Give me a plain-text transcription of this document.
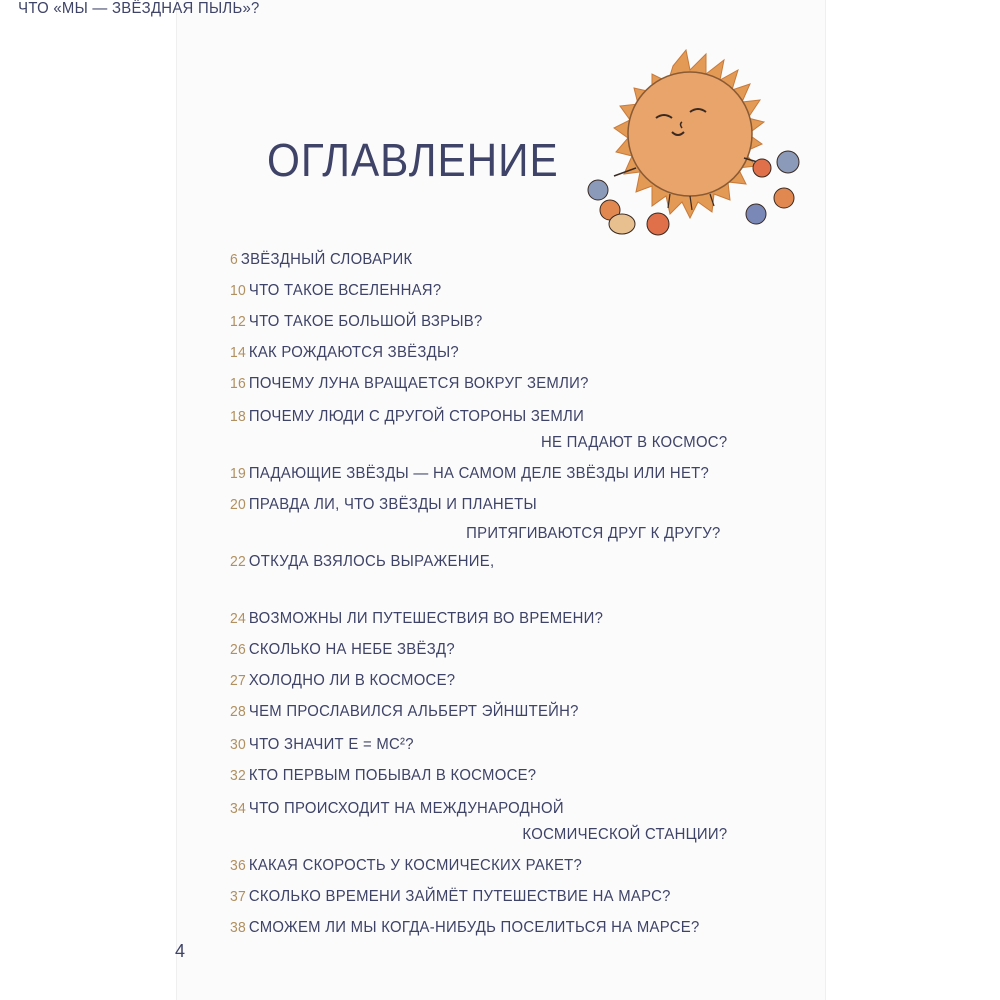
ОГЛАВЛЕНИЕ
6 ЗВЁЗДНЫЙ СЛОВАРИК
10 ЧТО ТАКОЕ ВСЕЛЕННАЯ?
12 ЧТО ТАКОЕ БОЛЬШОЙ ВЗРЫВ?
14 КАК РОЖДАЮТСЯ ЗВЁЗДЫ?
16 ПОЧЕМУ ЛУНА ВРАЩАЕТСЯ ВОКРУГ ЗЕМЛИ?
18 ПОЧЕМУ ЛЮДИ С ДРУГОЙ СТОРОНЫ ЗЕМЛИ
НЕ ПАДАЮТ В КОСМОС?
19 ПАДАЮЩИЕ ЗВЁЗДЫ — НА САМОМ ДЕЛЕ ЗВЁЗДЫ ИЛИ НЕТ?
20 ПРАВДА ЛИ, ЧТО ЗВЁЗДЫ И ПЛАНЕТЫ
ПРИТЯГИВАЮТСЯ ДРУГ К ДРУГУ?
22 ОТКУДА ВЗЯЛОСЬ ВЫРАЖЕНИЕ,
ЧТО «МЫ — ЗВЁЗДНАЯ ПЫЛЬ»?
24 ВОЗМОЖНЫ ЛИ ПУТЕШЕСТВИЯ ВО ВРЕМЕНИ?
26 СКОЛЬКО НА НЕБЕ ЗВЁЗД?
27 ХОЛОДНО ЛИ В КОСМОСЕ?
28 ЧЕМ ПРОСЛАВИЛСЯ АЛЬБЕРТ ЭЙНШТЕЙН?
30 ЧТО ЗНАЧИТ E = MC²?
32 КТО ПЕРВЫМ ПОБЫВАЛ В КОСМОСЕ?
34 ЧТО ПРОИСХОДИТ НА МЕЖДУНАРОДНОЙ
КОСМИЧЕСКОЙ СТАНЦИИ?
36 КАКАЯ СКОРОСТЬ У КОСМИЧЕСКИХ РАКЕТ?
37 СКОЛЬКО ВРЕМЕНИ ЗАЙМЁТ ПУТЕШЕСТВИЕ НА МАРС?
38 СМОЖЕМ ЛИ МЫ КОГДА-НИБУДЬ ПОСЕЛИТЬСЯ НА МАРСЕ?
4
